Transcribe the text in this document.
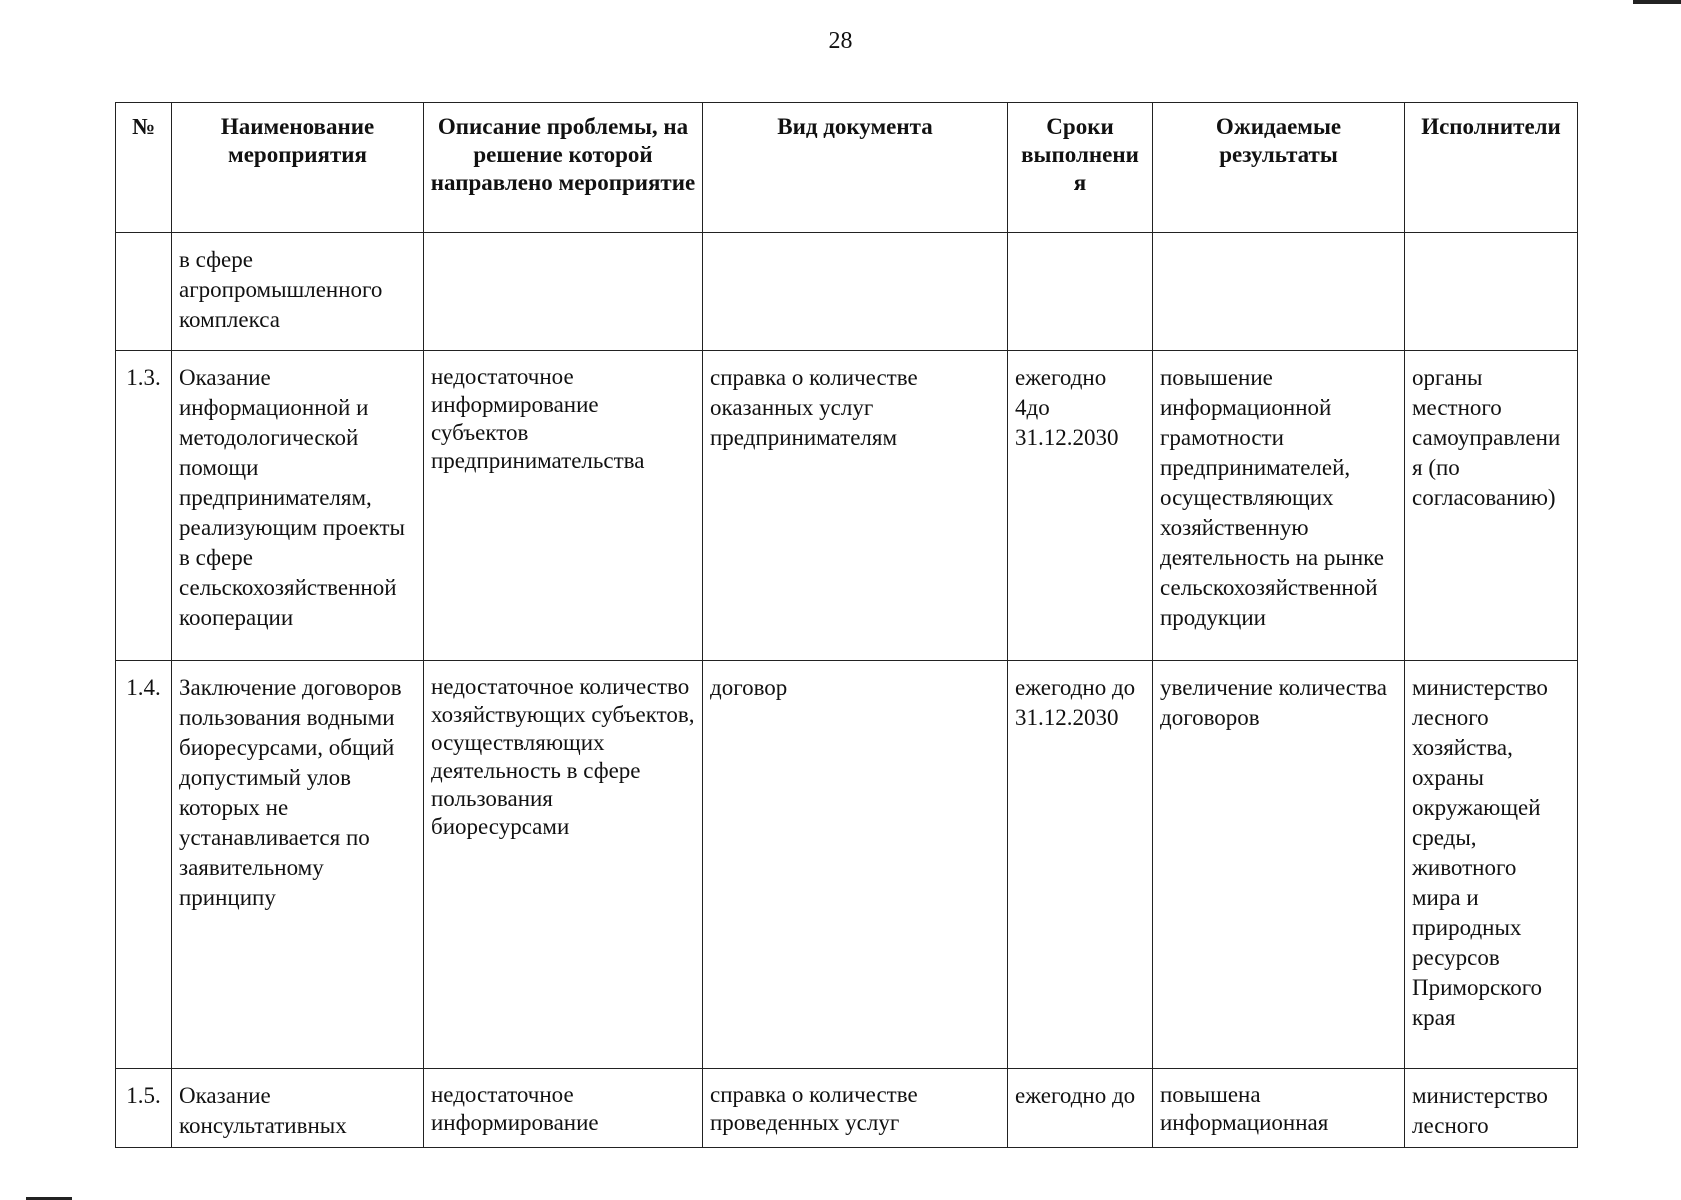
28
№	Наименование мероприятия	Описание проблемы, на решение которой направлено мероприятие	Вид документа	Сроки выполнени я	Ожидаемые результаты	Исполнители
	в сфере агропромышленного комплекса					
1.3.	Оказание информационной и методологической помощи предпринимателям, реализующим проекты в сфере сельскохозяйственной кооперации	недостаточное информирование субъектов предпринимательства	справка о количестве оказанных услуг предпринимателям	ежегодно 4до 31.12.2030	повышение информационной грамотности предпринимателей, осуществляющих хозяйственную деятельность на рынке сельскохозяйственной продукции	органы местного самоуправлени я (по согласованию)
1.4.	Заключение договоров пользования водными биоресурсами, общий допустимый улов которых не устанавливается по заявительному принципу	недостаточное количество хозяйствующих субъектов, осуществляющих деятельность в сфере пользования биоресурсами	договор	ежегодно до 31.12.2030	увеличение количества договоров	министерство лесного хозяйства, охраны окружающей среды, животного мира и природных ресурсов Приморского края
1.5.	Оказание консультативных	недостаточное информирование	справка о количестве проведенных услуг	ежегодно до	повышена информационная	министерство лесного
